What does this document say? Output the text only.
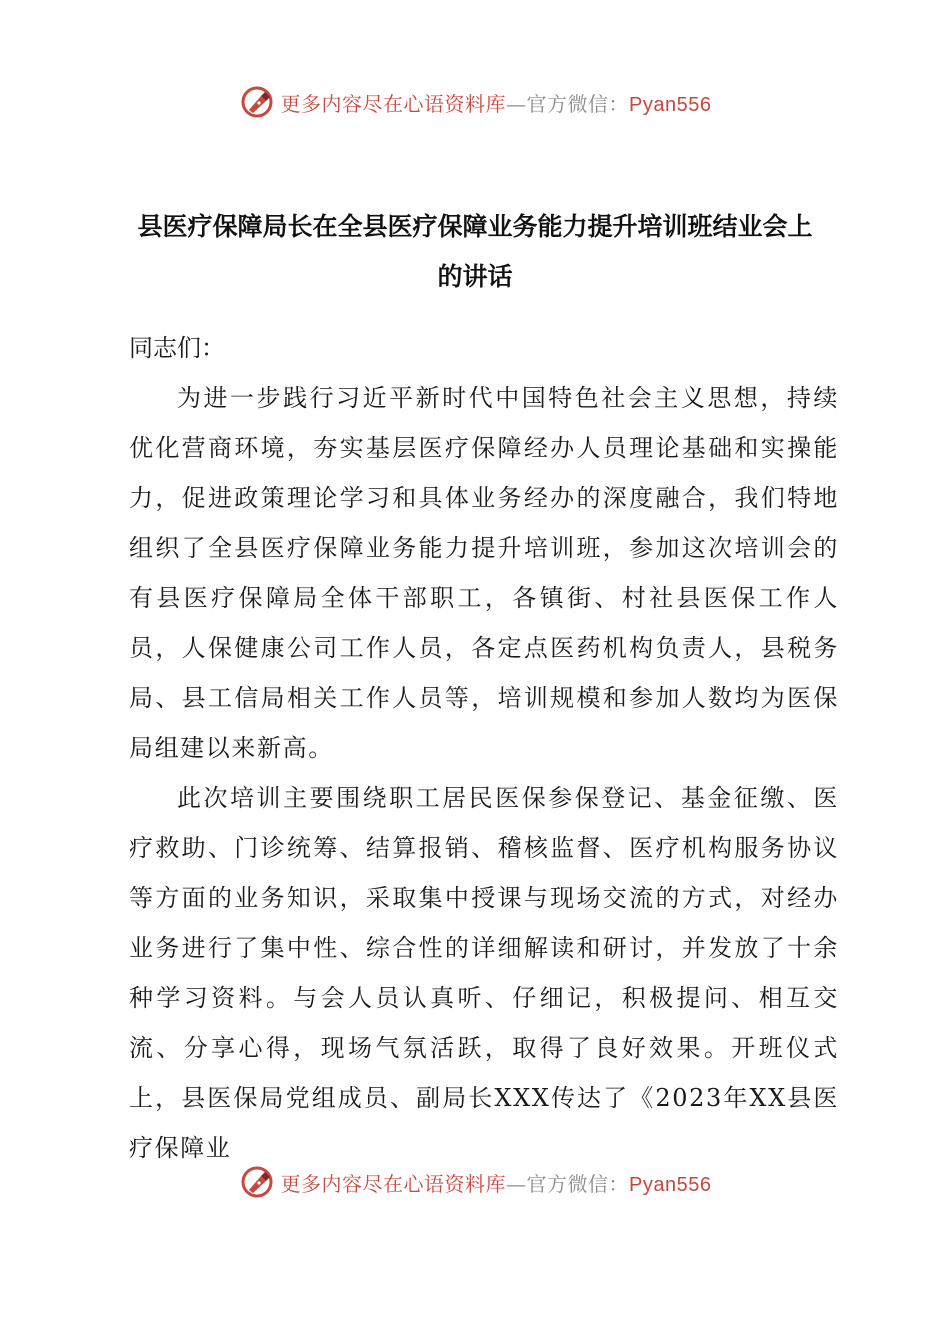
更多内容尽在心语资料库—官方微信：Pyan556
县医疗保障局长在全县医疗保障业务能力提升培训班结业会上
的讲话

同志们：

为进一步践行习近平新时代中国特色社会主义思想，持续优化营商环境，夯实基层医疗保障经办人员理论基础和实操能力，促进政策理论学习和具体业务经办的深度融合，我们特地组织了全县医疗保障业务能力提升培训班，参加这次培训会的有县医疗保障局全体干部职工，各镇街、村社县医保工作人员，人保健康公司工作人员，各定点医药机构负责人，县税务局、县工信局相关工作人员等，培训规模和参加人数均为医保局组建以来新高。

此次培训主要围绕职工居民医保参保登记、基金征缴、医疗救助、门诊统筹、结算报销、稽核监督、医疗机构服务协议等方面的业务知识，采取集中授课与现场交流的方式，对经办业务进行了集中性、综合性的详细解读和研讨，并发放了十余种学习资料。与会人员认真听、仔细记，积极提问、相互交流、分享心得，现场气氛活跃，取得了良好效果。开班仪式上，县医保局党组成员、副局长XXX传达了《2023年XX县医疗保障业

更多内容尽在心语资料库—官方微信：Pyan556
